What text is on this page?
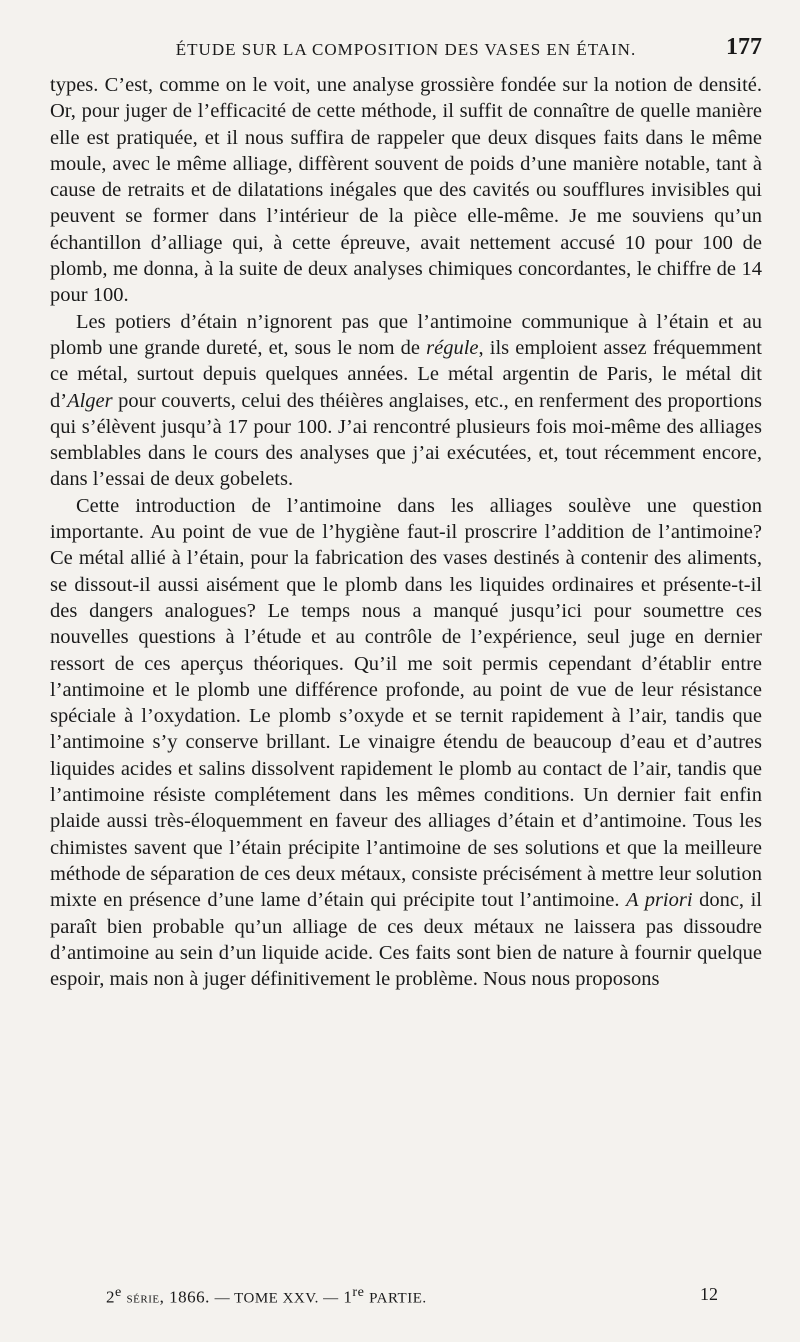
ÉTUDE SUR LA COMPOSITION DES VASES EN ÉTAIN.	177

types. C’est, comme on le voit, une analyse grossière fondée sur la notion de densité. Or, pour juger de l’efficacité de cette méthode, il suffit de connaître de quelle manière elle est pratiquée, et il nous suffira de rappeler que deux disques faits dans le même moule, avec le même alliage, diffèrent souvent de poids d’une manière notable, tant à cause de retraits et de dilatations inégales que des cavités ou soufflures invisibles qui peuvent se former dans l’intérieur de la pièce elle-même. Je me souviens qu’un échantillon d’alliage qui, à cette épreuve, avait nettement accusé 10 pour 100 de plomb, me donna, à la suite de deux analyses chimiques concordantes, le chiffre de 14 pour 100.

Les potiers d’étain n’ignorent pas que l’antimoine communique à l’étain et au plomb une grande dureté, et, sous le nom de régule, ils emploient assez fréquemment ce métal, surtout depuis quelques années. Le métal argentin de Paris, le métal dit d’Alger pour couverts, celui des théières anglaises, etc., en renferment des proportions qui s’élèvent jusqu’à 17 pour 100. J’ai rencontré plusieurs fois moi-même des alliages semblables dans le cours des analyses que j’ai exécutées, et, tout récemment encore, dans l’essai de deux gobelets.

Cette introduction de l’antimoine dans les alliages soulève une question importante. Au point de vue de l’hygiène faut-il proscrire l’addition de l’antimoine? Ce métal allié à l’étain, pour la fabrication des vases destinés à contenir des aliments, se dissout-il aussi aisément que le plomb dans les liquides ordinaires et présente-t-il des dangers analogues? Le temps nous a manqué jusqu’ici pour soumettre ces nouvelles questions à l’étude et au contrôle de l’expérience, seul juge en dernier ressort de ces aperçus théoriques. Qu’il me soit permis cependant d’établir entre l’antimoine et le plomb une différence profonde, au point de vue de leur résistance spéciale à l’oxydation. Le plomb s’oxyde et se ternit rapidement à l’air, tandis que l’antimoine s’y conserve brillant. Le vinaigre étendu de beaucoup d’eau et d’autres liquides acides et salins dissolvent rapidement le plomb au contact de l’air, tandis que l’antimoine résiste complétement dans les mêmes conditions. Un dernier fait enfin plaide aussi très-éloquemment en faveur des alliages d’étain et d’antimoine. Tous les chimistes savent que l’étain précipite l’antimoine de ses solutions et que la meilleure méthode de séparation de ces deux métaux, consiste précisément à mettre leur solution mixte en présence d’une lame d’étain qui précipite tout l’antimoine. A priori donc, il paraît bien probable qu’un alliage de ces deux métaux ne laissera pas dissoudre d’antimoine au sein d’un liquide acide. Ces faits sont bien de nature à fournir quelque espoir, mais non à juger définitivement le problème. Nous nous proposons

2e série, 1866. — TOME XXV. — 1re PARTIE.	12
